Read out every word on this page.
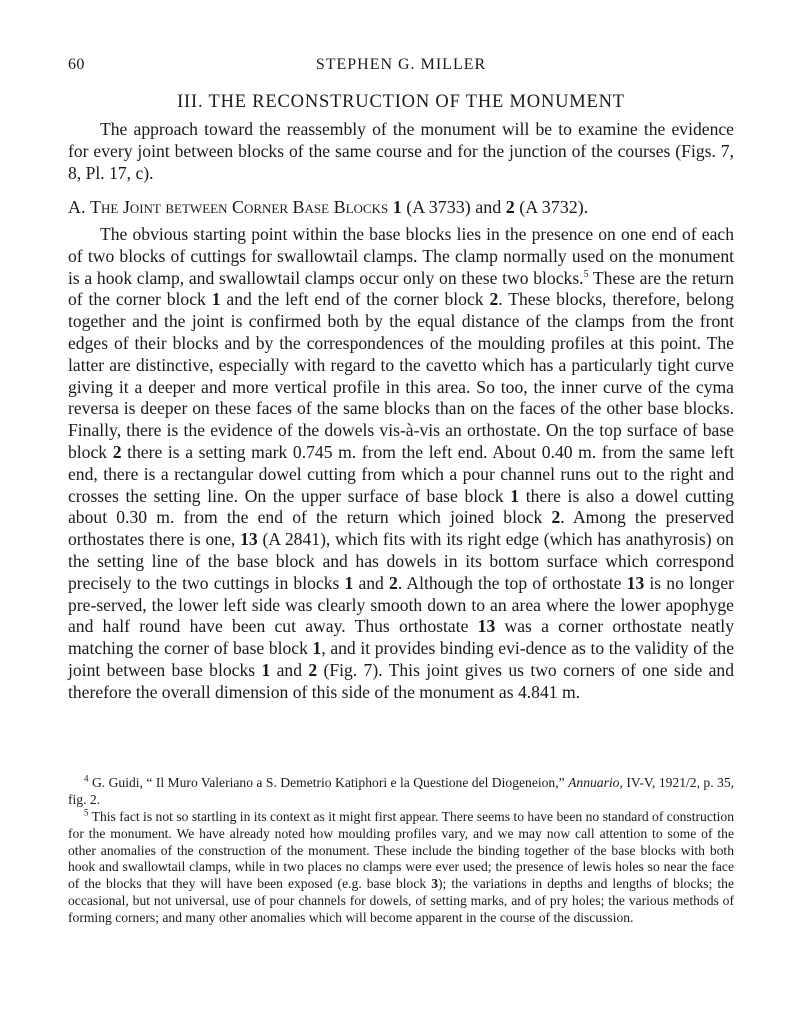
60	STEPHEN G. MILLER
III. THE RECONSTRUCTION OF THE MONUMENT

The approach toward the reassembly of the monument will be to examine the evidence for every joint between blocks of the same course and for the junction of the courses (Figs. 7, 8, Pl. 17, c).

A. The Joint between Corner Base Blocks 1 (A 3733) and 2 (A 3732).

The obvious starting point within the base blocks lies in the presence on one end of each of two blocks of cuttings for swallowtail clamps. The clamp normally used on the monument is a hook clamp, and swallowtail clamps occur only on these two blocks.$^5$ These are the return of the corner block 1 and the left end of the corner block 2. These blocks, therefore, belong together and the joint is confirmed both by the equal distance of the clamps from the front edges of their blocks and by the correspondences of the moulding profiles at this point. The latter are distinctive, especially with regard to the cavetto which has a particularly tight curve giving it a deeper and more vertical profile in this area. So too, the inner curve of the cyma reversa is deeper on these faces of the same blocks than on the faces of the other base blocks. Finally, there is the evidence of the dowels vis-à-vis an orthostate. On the top surface of base block 2 there is a setting mark 0.745 m. from the left end. About 0.40 m. from the same left end, there is a rectangular dowel cutting from which a pour channel runs out to the right and crosses the setting line. On the upper surface of base block 1 there is also a dowel cutting about 0.30 m. from the end of the return which joined block 2. Among the preserved orthostates there is one, 13 (A 2841), which fits with its right edge (which has anathyrosis) on the setting line of the base block and has dowels in its bottom surface which correspond precisely to the two cuttings in blocks 1 and 2. Although the top of orthostate 13 is no longer pre-served, the lower left side was clearly smooth down to an area where the lower apophyge and half round have been cut away. Thus orthostate 13 was a corner orthostate neatly matching the corner of base block 1, and it provides binding evi-dence as to the validity of the joint between base blocks 1 and 2 (Fig. 7). This joint gives us two corners of one side and therefore the overall dimension of this side of the monument as 4.841 m.

$^4$ G. Guidi, “ Il Muro Valeriano a S. Demetrio Katiphori e la Questione del Diogeneion,” Annuario, IV-V, 1921/2, p. 35, fig. 2.

$^5$ This fact is not so startling in its context as it might first appear. There seems to have been no standard of construction for the monument. We have already noted how moulding profiles vary, and we may now call attention to some of the other anomalies of the construction of the monument. These include the binding together of the base blocks with both hook and swallowtail clamps, while in two places no clamps were ever used; the presence of lewis holes so near the face of the blocks that they will have been exposed (e.g. base block 3); the variations in depths and lengths of blocks; the occasional, but not universal, use of pour channels for dowels, of setting marks, and of pry holes; the various methods of forming corners; and many other anomalies which will become apparent in the course of the discussion.
